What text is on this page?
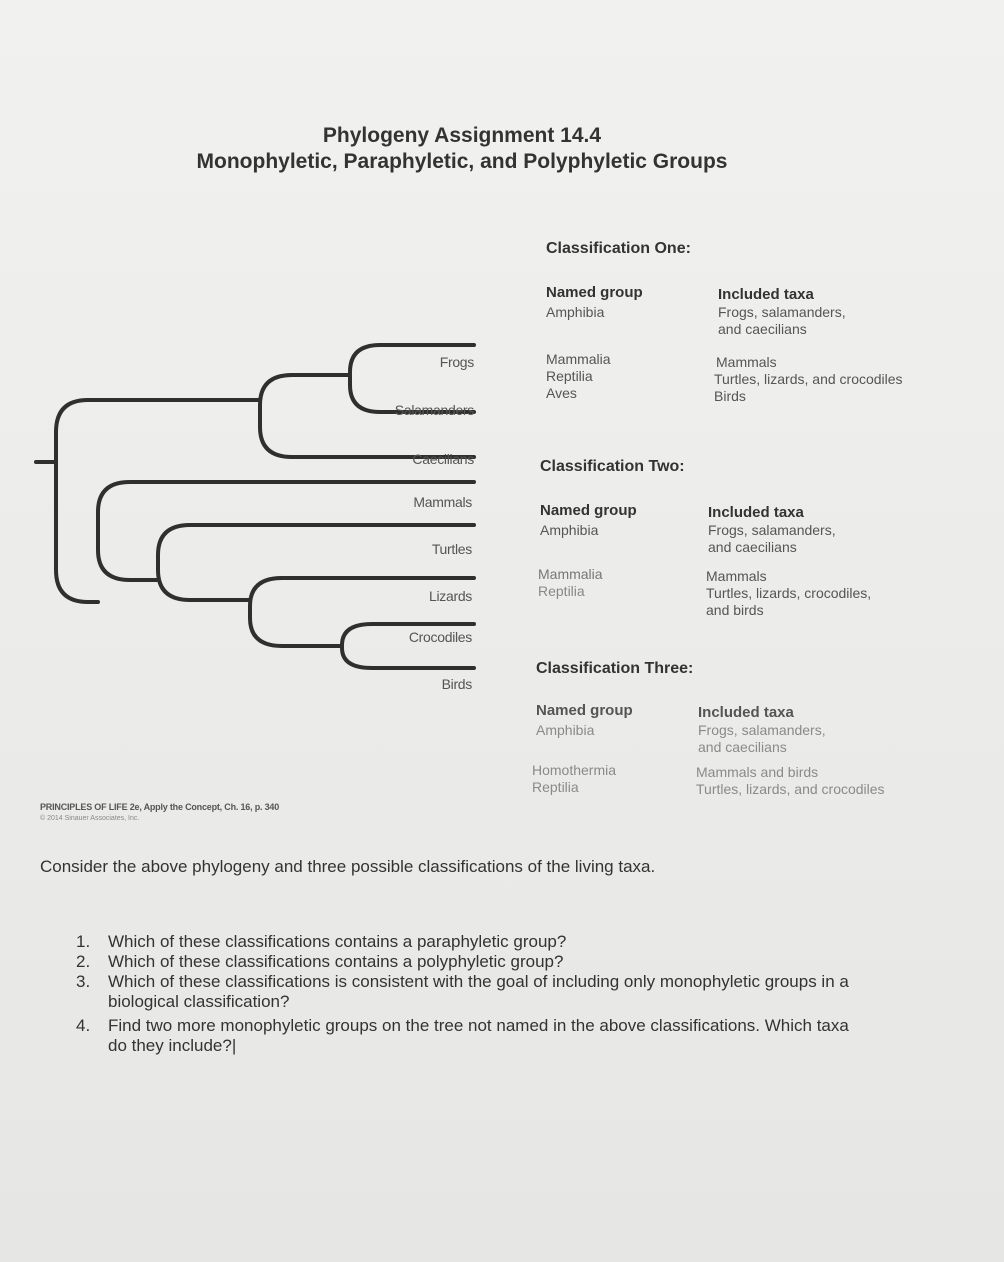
Phylogeny Assignment 14.4
Monophyletic, Paraphyletic, and Polyphyletic Groups
Frogs
Salamanders
Caecilians
Mammals
Turtles
Lizards
Crocodiles
Birds
Classification One:
Named group	Included taxa
Amphibia	Frogs, salamanders,
and caecilians
Mammalia	Mammals
Reptilia	Turtles, lizards, and crocodiles
Aves	Birds
Classification Two:
Named group	Included taxa
Amphibia	Frogs, salamanders,
and caecilians
Mammalia	Mammals
Reptilia	Turtles, lizards, crocodiles,
and birds
Classification Three:
Named group	Included taxa
Amphibia	Frogs, salamanders,
and caecilians
Homothermia	Mammals and birds
Reptilia	Turtles, lizards, and crocodiles
PRINCIPLES OF LIFE 2e, Apply the Concept, Ch. 16, p. 340
© 2014 Sinauer Associates, Inc.
Consider the above phylogeny and three possible classifications of the living taxa.
1.	Which of these classifications contains a paraphyletic group?
2.	Which of these classifications contains a polyphyletic group?
3.	Which of these classifications is consistent with the goal of including only monophyletic groups in a biological classification?
4.	Find two more monophyletic groups on the tree not named in the above classifications. Which taxa do they include?|
